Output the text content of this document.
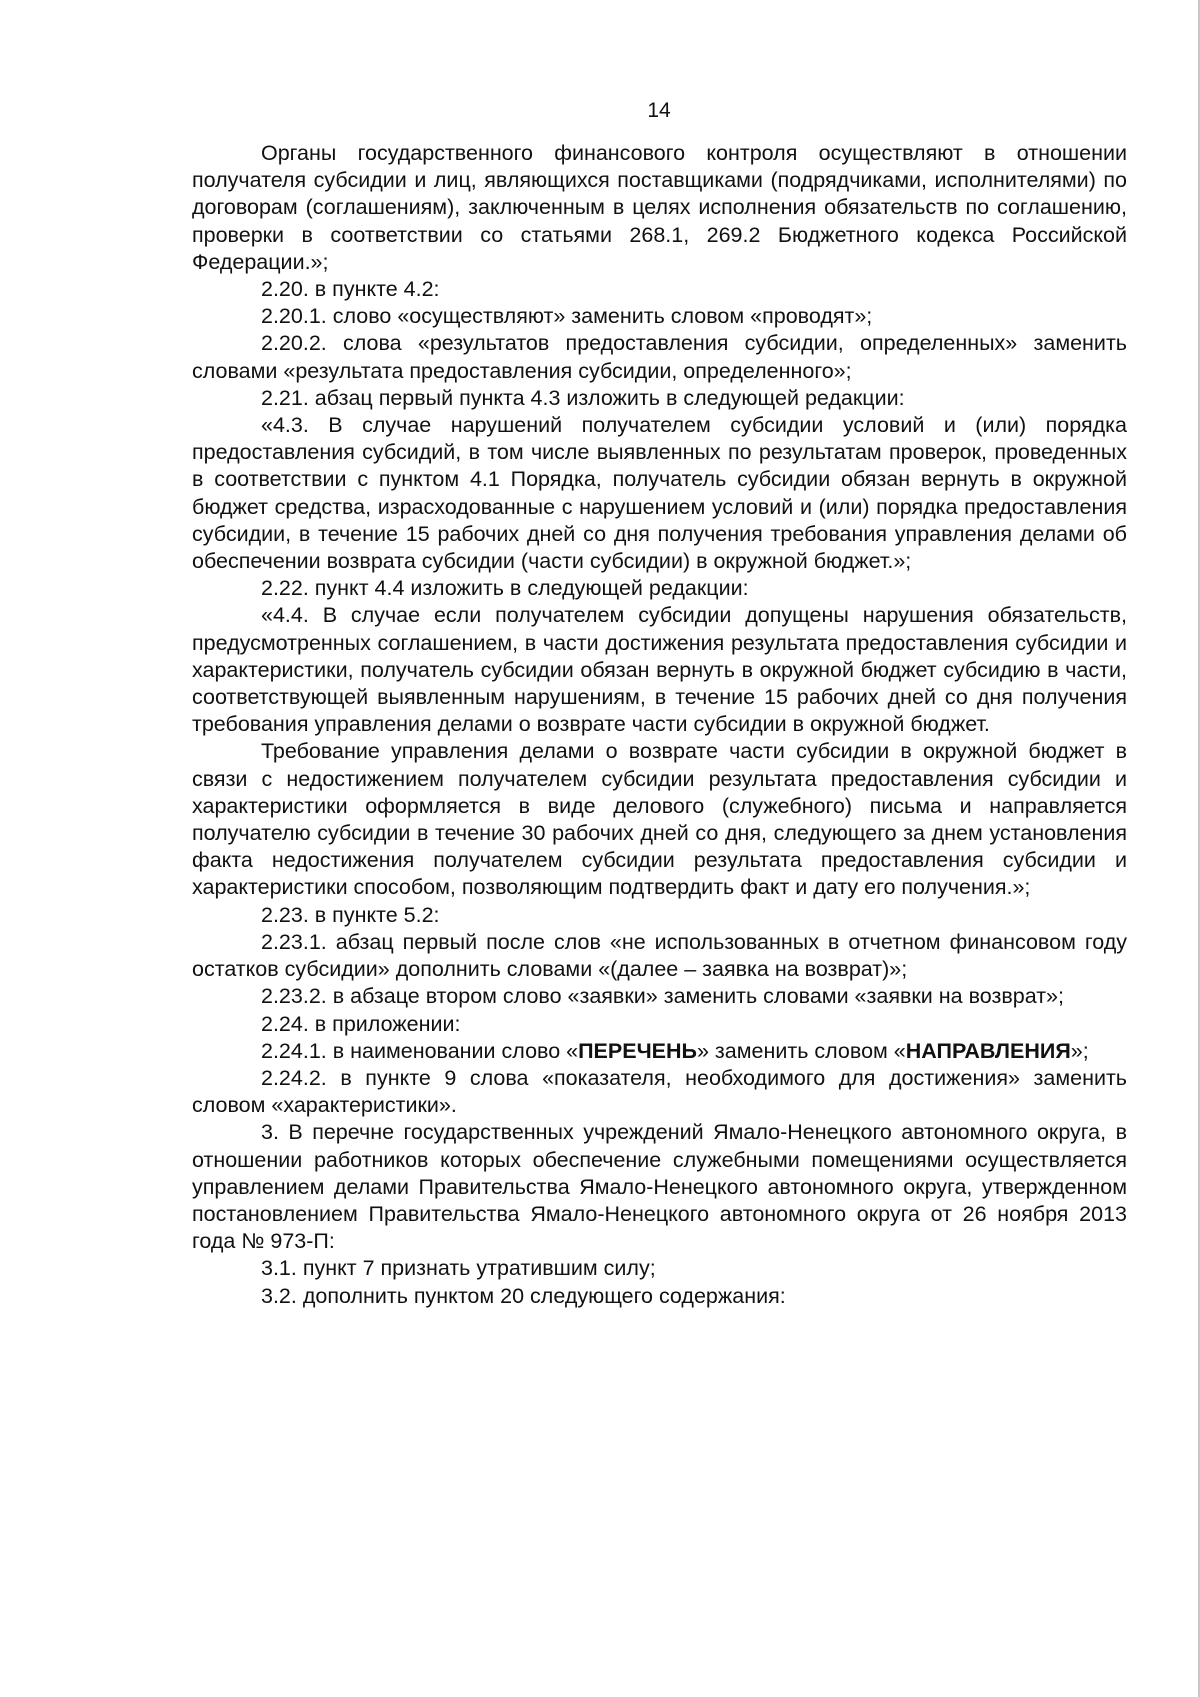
14

Органы государственного финансового контроля осуществляют в отношении получателя субсидии и лиц, являющихся поставщиками (подрядчиками, исполнителями) по договорам (соглашениям), заключенным в целях исполнения обязательств по соглашению, проверки в соответствии со статьями 268.1, 269.2 Бюджетного кодекса Российской Федерации.»;

2.20. в пункте 4.2:

2.20.1. слово «осуществляют» заменить словом «проводят»;

2.20.2. слова «результатов предоставления субсидии, определенных» заменить словами «результата предоставления субсидии, определенного»;

2.21. абзац первый пункта 4.3 изложить в следующей редакции:

«4.3. В случае нарушений получателем субсидии условий и (или) порядка предоставления субсидий, в том числе выявленных по результатам проверок, проведенных в соответствии с пунктом 4.1 Порядка, получатель субсидии обязан вернуть в окружной бюджет средства, израсходованные с нарушением условий и (или) порядка предоставления субсидии, в течение 15 рабочих дней со дня получения требования управления делами об обеспечении возврата субсидии (части субсидии) в окружной бюджет.»;

2.22. пункт 4.4 изложить в следующей редакции:

«4.4. В случае если получателем субсидии допущены нарушения обязательств, предусмотренных соглашением, в части достижения результата предоставления субсидии и характеристики, получатель субсидии обязан вернуть в окружной бюджет субсидию в части, соответствующей выявленным нарушениям, в течение 15 рабочих дней со дня получения требования управления делами о возврате части субсидии в окружной бюджет.

Требование управления делами о возврате части субсидии в окружной бюджет в связи с недостижением получателем субсидии результата предоставления субсидии и характеристики оформляется в виде делового (служебного) письма и направляется получателю субсидии в течение 30 рабочих дней со дня, следующего за днем установления факта недостижения получателем субсидии результата предоставления субсидии и характеристики способом, позволяющим подтвердить факт и дату его получения.»;

2.23. в пункте 5.2:

2.23.1. абзац первый после слов «не использованных в отчетном финансовом году остатков субсидии» дополнить словами «(далее – заявка на возврат)»;

2.23.2. в абзаце втором слово «заявки» заменить словами «заявки на возврат»;

2.24. в приложении:

2.24.1. в наименовании слово «ПЕРЕЧЕНЬ» заменить словом «НАПРАВЛЕНИЯ»;

2.24.2. в пункте 9 слова «показателя, необходимого для достижения» заменить словом «характеристики».

3. В перечне государственных учреждений Ямало-Ненецкого автономного округа, в отношении работников которых обеспечение служебными помещениями осуществляется управлением делами Правительства Ямало-Ненецкого автономного округа, утвержденном постановлением Правительства Ямало-Ненецкого автономного округа от 26 ноября 2013 года № 973-П:

3.1. пункт 7 признать утратившим силу;

3.2. дополнить пунктом 20 следующего содержания:
